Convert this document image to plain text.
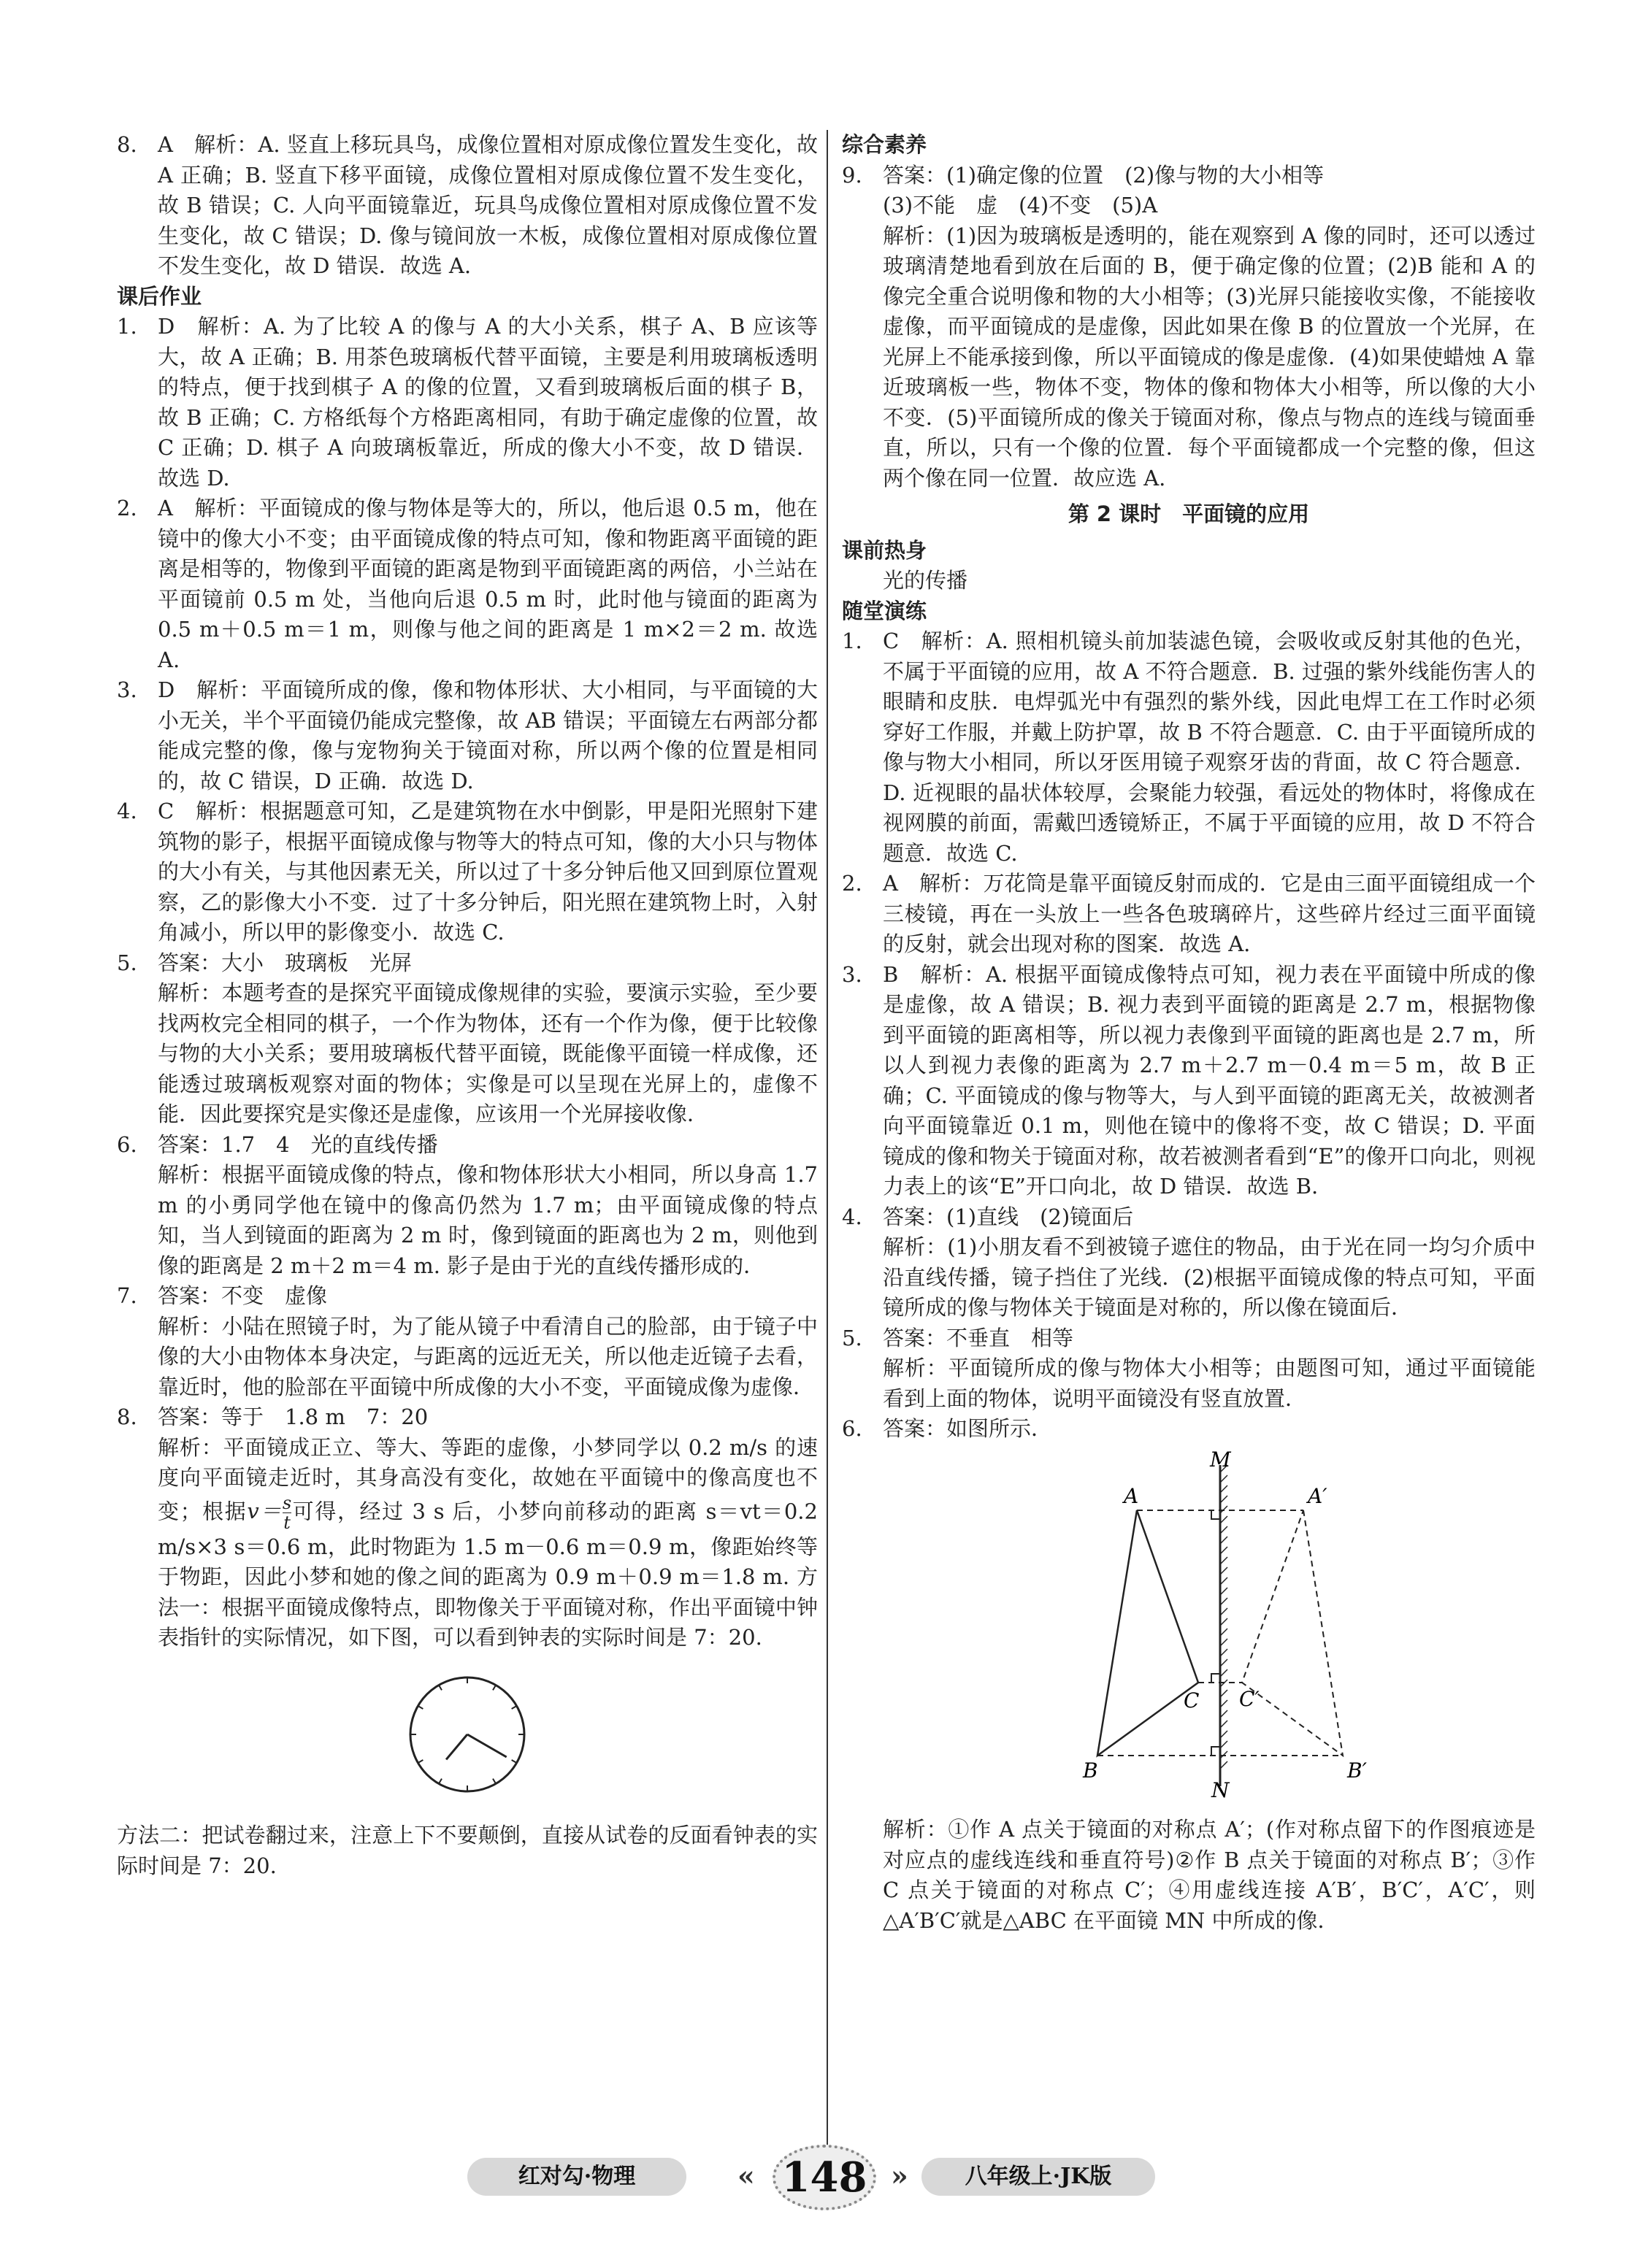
8. A　解析：A. 竖直上移玩具鸟，成像位置相对原成像位置发生变化，故 A 正确；B. 竖直下移平面镜，成像位置相对原成像位置不发生变化，故 B 错误；C. 人向平面镜靠近，玩具鸟成像位置相对原成像位置不发生变化，故 C 错误；D. 像与镜间放一木板，成像位置相对原成像位置不发生变化，故 D 错误．故选 A.
课后作业
1. D　解析：A. 为了比较 A 的像与 A 的大小关系，棋子 A、B 应该等大，故 A 正确；B. 用茶色玻璃板代替平面镜，主要是利用玻璃板透明的特点，便于找到棋子 A 的像的位置，又看到玻璃板后面的棋子 B，故 B 正确；C. 方格纸每个方格距离相同，有助于确定虚像的位置，故 C 正确；D. 棋子 A 向玻璃板靠近，所成的像大小不变，故 D 错误．故选 D.
2. A　解析：平面镜成的像与物体是等大的，所以，他后退 0.5 m，他在镜中的像大小不变；由平面镜成像的特点可知，像和物距离平面镜的距离是相等的，物像到平面镜的距离是物到平面镜距离的两倍，小兰站在平面镜前 0.5 m 处，当他向后退 0.5 m 时，此时他与镜面的距离为 0.5 m＋0.5 m＝1 m，则像与他之间的距离是 1 m×2＝2 m. 故选 A.
3. D　解析：平面镜所成的像，像和物体形状、大小相同，与平面镜的大小无关，半个平面镜仍能成完整像，故 AB 错误；平面镜左右两部分都能成完整的像，像与宠物狗关于镜面对称，所以两个像的位置是相同的，故 C 错误，D 正确．故选 D.
4. C　解析：根据题意可知，乙是建筑物在水中倒影，甲是阳光照射下建筑物的影子，根据平面镜成像与物等大的特点可知，像的大小只与物体的大小有关，与其他因素无关，所以过了十多分钟后他又回到原位置观察，乙的影像大小不变．过了十多分钟后，阳光照在建筑物上时，入射角减小，所以甲的影像变小．故选 C.
5. 答案：大小　玻璃板　光屏
解析：本题考查的是探究平面镜成像规律的实验，要演示实验，至少要找两枚完全相同的棋子，一个作为物体，还有一个作为像，便于比较像与物的大小关系；要用玻璃板代替平面镜，既能像平面镜一样成像，还能透过玻璃板观察对面的物体；实像是可以呈现在光屏上的，虚像不能．因此要探究是实像还是虚像，应该用一个光屏接收像．
6. 答案：1.7　4　光的直线传播
解析：根据平面镜成像的特点，像和物体形状大小相同，所以身高 1.7 m 的小勇同学他在镜中的像高仍然为 1.7 m；由平面镜成像的特点知，当人到镜面的距离为 2 m 时，像到镜面的距离也为 2 m，则他到像的距离是 2 m＋2 m＝4 m. 影子是由于光的直线传播形成的．
7. 答案：不变　虚像
解析：小陆在照镜子时，为了能从镜子中看清自己的脸部，由于镜子中像的大小由物体本身决定，与距离的远近无关，所以他走近镜子去看，靠近时，他的脸部在平面镜中所成像的大小不变，平面镜成像为虚像．
8. 答案：等于　1.8 m　7：20
解析：平面镜成正立、等大、等距的虚像，小梦同学以 0.2 m/s 的速度向平面镜走近时，其身高没有变化，故她在平面镜中的像高度也不变；根据$v= \frac{s}{t}$ 可得，经过 3 s 后，小梦向前移动的距离 s＝vt＝0.2 m/s×3 s＝0.6 m，此时物距为 1.5 m－0.6 m＝0.9 m，像距始终等于物距，因此小梦和她的像之间的距离为 0.9 m＋0.9 m＝1.8 m. 方法一：根据平面镜成像特点，即物像关于平面镜对称，作出平面镜中钟表指针的实际情况，如下图，可以看到钟表的实际时间是 7：20.
方法二：把试卷翻过来，注意上下不要颠倒，直接从试卷的反面看钟表的实际时间是 7：20.
综合素养
9. 答案：(1)确定像的位置　(2)像与物的大小相等
(3)不能　虚　(4)不变　(5)A
解析：(1)因为玻璃板是透明的，能在观察到 A 像的同时，还可以透过玻璃清楚地看到放在后面的 B，便于确定像的位置；(2)B 能和 A 的像完全重合说明像和物的大小相等；(3)光屏只能接收实像，不能接收虚像，而平面镜成的是虚像，因此如果在像 B 的位置放一个光屏，在光屏上不能承接到像，所以平面镜成的像是虚像．(4)如果使蜡烛 A 靠近玻璃板一些，物体不变，物体的像和物体大小相等，所以像的大小不变．(5)平面镜所成的像关于镜面对称，像点与物点的连线与镜面垂直，所以，只有一个像的位置．每个平面镜都成一个完整的像，但这两个像在同一位置．故应选 A.
第 2 课时　平面镜的应用
课前热身
光的传播
随堂演练
1. C　解析：A. 照相机镜头前加装滤色镜，会吸收或反射其他的色光，不属于平面镜的应用，故 A 不符合题意．B. 过强的紫外线能伤害人的眼睛和皮肤．电焊弧光中有强烈的紫外线，因此电焊工在工作时必须穿好工作服，并戴上防护罩，故 B 不符合题意．C. 由于平面镜所成的像与物大小相同，所以牙医用镜子观察牙齿的背面，故 C 符合题意．D. 近视眼的晶状体较厚，会聚能力较强，看远处的物体时，将像成在视网膜的前面，需戴凹透镜矫正，不属于平面镜的应用，故 D 不符合题意．故选 C.
2. A　解析：万花筒是靠平面镜反射而成的．它是由三面平面镜组成一个三棱镜，再在一头放上一些各色玻璃碎片，这些碎片经过三面平面镜的反射，就会出现对称的图案．故选 A.
3. B　解析：A. 根据平面镜成像特点可知，视力表在平面镜中所成的像是虚像，故 A 错误；B. 视力表到平面镜的距离是 2.7 m，根据物像到平面镜的距离相等，所以视力表像到平面镜的距离也是 2.7 m，所以人到视力表像的距离为 2.7 m＋2.7 m－0.4 m＝5 m，故 B 正确；C. 平面镜成的像与物等大，与人到平面镜的距离无关，故被测者向平面镜靠近 0.1 m，则他在镜中的像将不变，故 C 错误；D. 平面镜成的像和物关于镜面对称，故若被测者看到“E”的像开口向北，则视力表上的该“E”开口向北，故 D 错误．故选 B.
4. 答案：(1)直线　(2)镜面后
解析：(1)小朋友看不到被镜子遮住的物品，由于光在同一均匀介质中沿直线传播，镜子挡住了光线．(2)根据平面镜成像的特点可知，平面镜所成的像与物体关于镜面是对称的，所以像在镜面后．
5. 答案：不垂直　相等
解析：平面镜所成的像与物体大小相等；由题图可知，通过平面镜能看到上面的物体，说明平面镜没有竖直放置．
6. 答案：如图所示．
M
N
A
B
C
A′
B′
C′
解析：①作 A 点关于镜面的对称点 A′；(作对称点留下的作图痕迹是对应点的虚线连线和垂直符号)②作 B 点关于镜面的对称点 B′；③作 C 点关于镜面的对称点 C′；④用虚线连接 A′B′，B′C′，A′C′，则△A′B′C′就是△ABC 在平面镜 MN 中所成的像．
红对勾·物理	« 148 »	八年级上·JK版
